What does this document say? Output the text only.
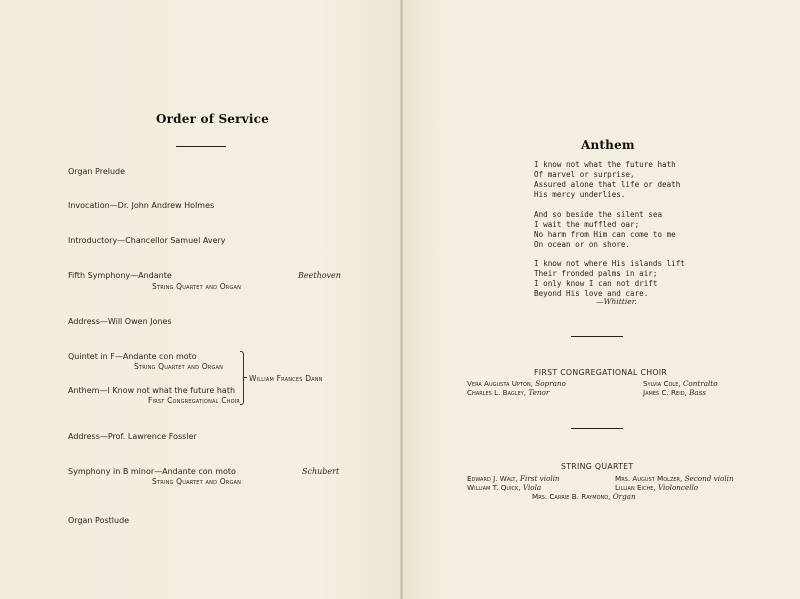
Order of Service
Organ Prelude
Invocation—Dr. John Andrew Holmes
Introductory—Chancellor Samuel Avery
Fifth Symphony—Andante
String Quartet and Organ
Beethoven
Address—Will Owen Jones
Quintet in F—Andante con moto
String Quartet and Organ
Anthem—I Know not what the future hath
First Congregational Choir
William Frances Dann
Address—Prof. Lawrence Fossler
Symphony in B minor—Andante con moto
String Quartet and Organ
Schubert
Organ Postlude
Anthem
I know not what the future hath
Of marvel or surprise,
Assured alone that life or death
His mercy underlies.
And so beside the silent sea
I wait the muffled oar;
No harm from Him can come to me
On ocean or on shore.
I know not where His islands lift
Their fronded palms in air;
I only know I can not drift
Beyond His love and care.
—Whittier.
FIRST CONGREGATIONAL CHOIR
Vera Augusta Upton, Soprano	Sylvia Cole, Contralto
Charles L. Bagley, Tenor	James C. Reid, Bass
STRING QUARTET
Edward J. Walt, First violin	Mrs. August Molzer, Second violin
William T. Quick, Viola	Lillian Eiche, Violoncello
Mrs. Carrie B. Raymond, Organ
